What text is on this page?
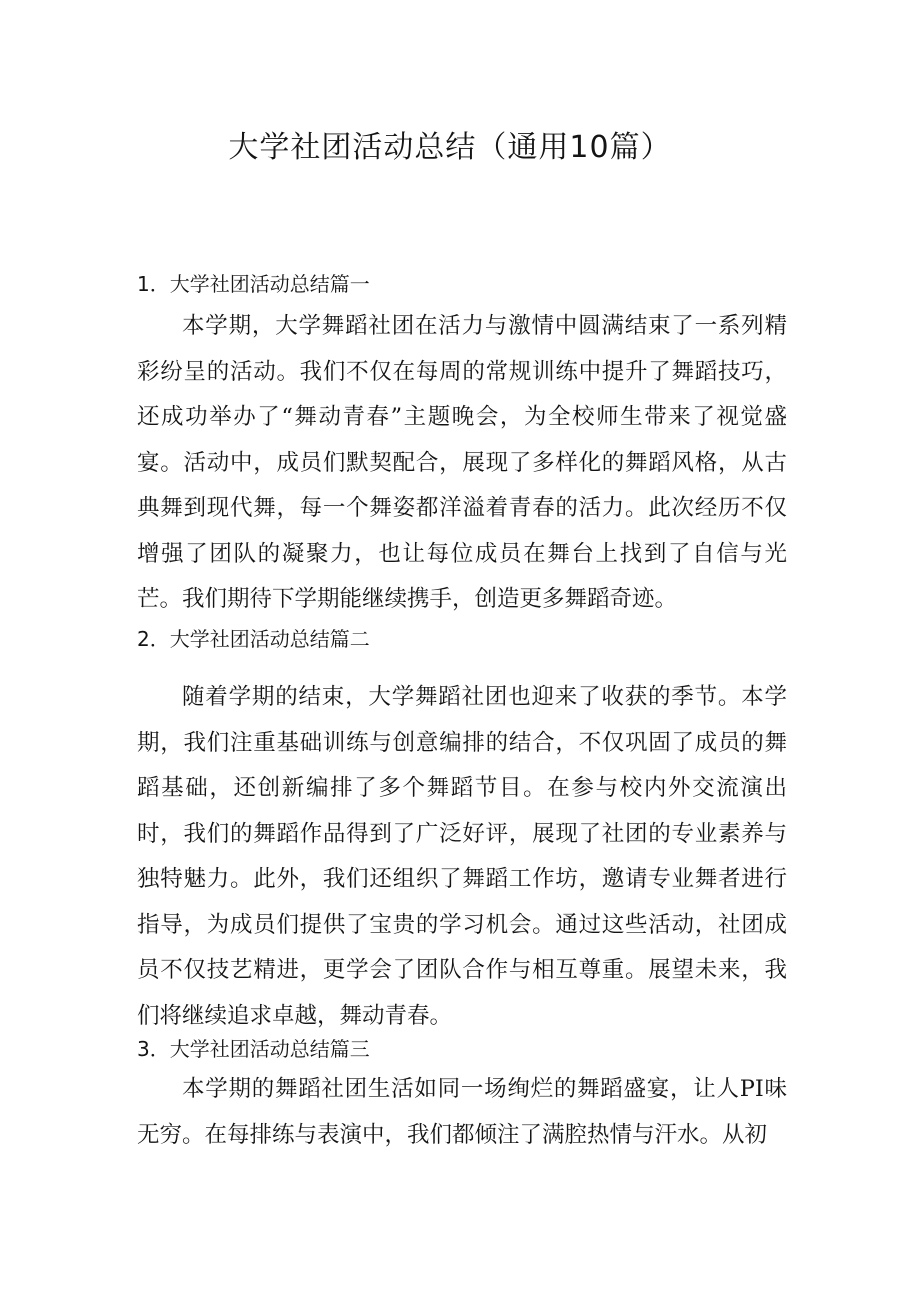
大学社团活动总结（通用10篇）

1．大学社团活动总结篇一

本学期，大学舞蹈社团在活力与激情中圆满结束了一系列精彩纷呈的活动。我们不仅在每周的常规训练中提升了舞蹈技巧，还成功举办了“舞动青春”主题晚会，为全校师生带来了视觉盛宴。活动中，成员们默契配合，展现了多样化的舞蹈风格，从古典舞到现代舞，每一个舞姿都洋溢着青春的活力。此次经历不仅增强了团队的凝聚力，也让每位成员在舞台上找到了自信与光芒。我们期待下学期能继续携手，创造更多舞蹈奇迹。

2．大学社团活动总结篇二

随着学期的结束，大学舞蹈社团也迎来了收获的季节。本学期，我们注重基础训练与创意编排的结合，不仅巩固了成员的舞蹈基础，还创新编排了多个舞蹈节目。在参与校内外交流演出时，我们的舞蹈作品得到了广泛好评，展现了社团的专业素养与独特魅力。此外，我们还组织了舞蹈工作坊，邀请专业舞者进行指导，为成员们提供了宝贵的学习机会。通过这些活动，社团成员不仅技艺精进，更学会了团队合作与相互尊重。展望未来，我们将继续追求卓越，舞动青春。

3．大学社团活动总结篇三

本学期的舞蹈社团生活如同一场绚烂的舞蹈盛宴，让人PI味无穷。在每排练与表演中，我们都倾注了满腔热情与汗水。从初
